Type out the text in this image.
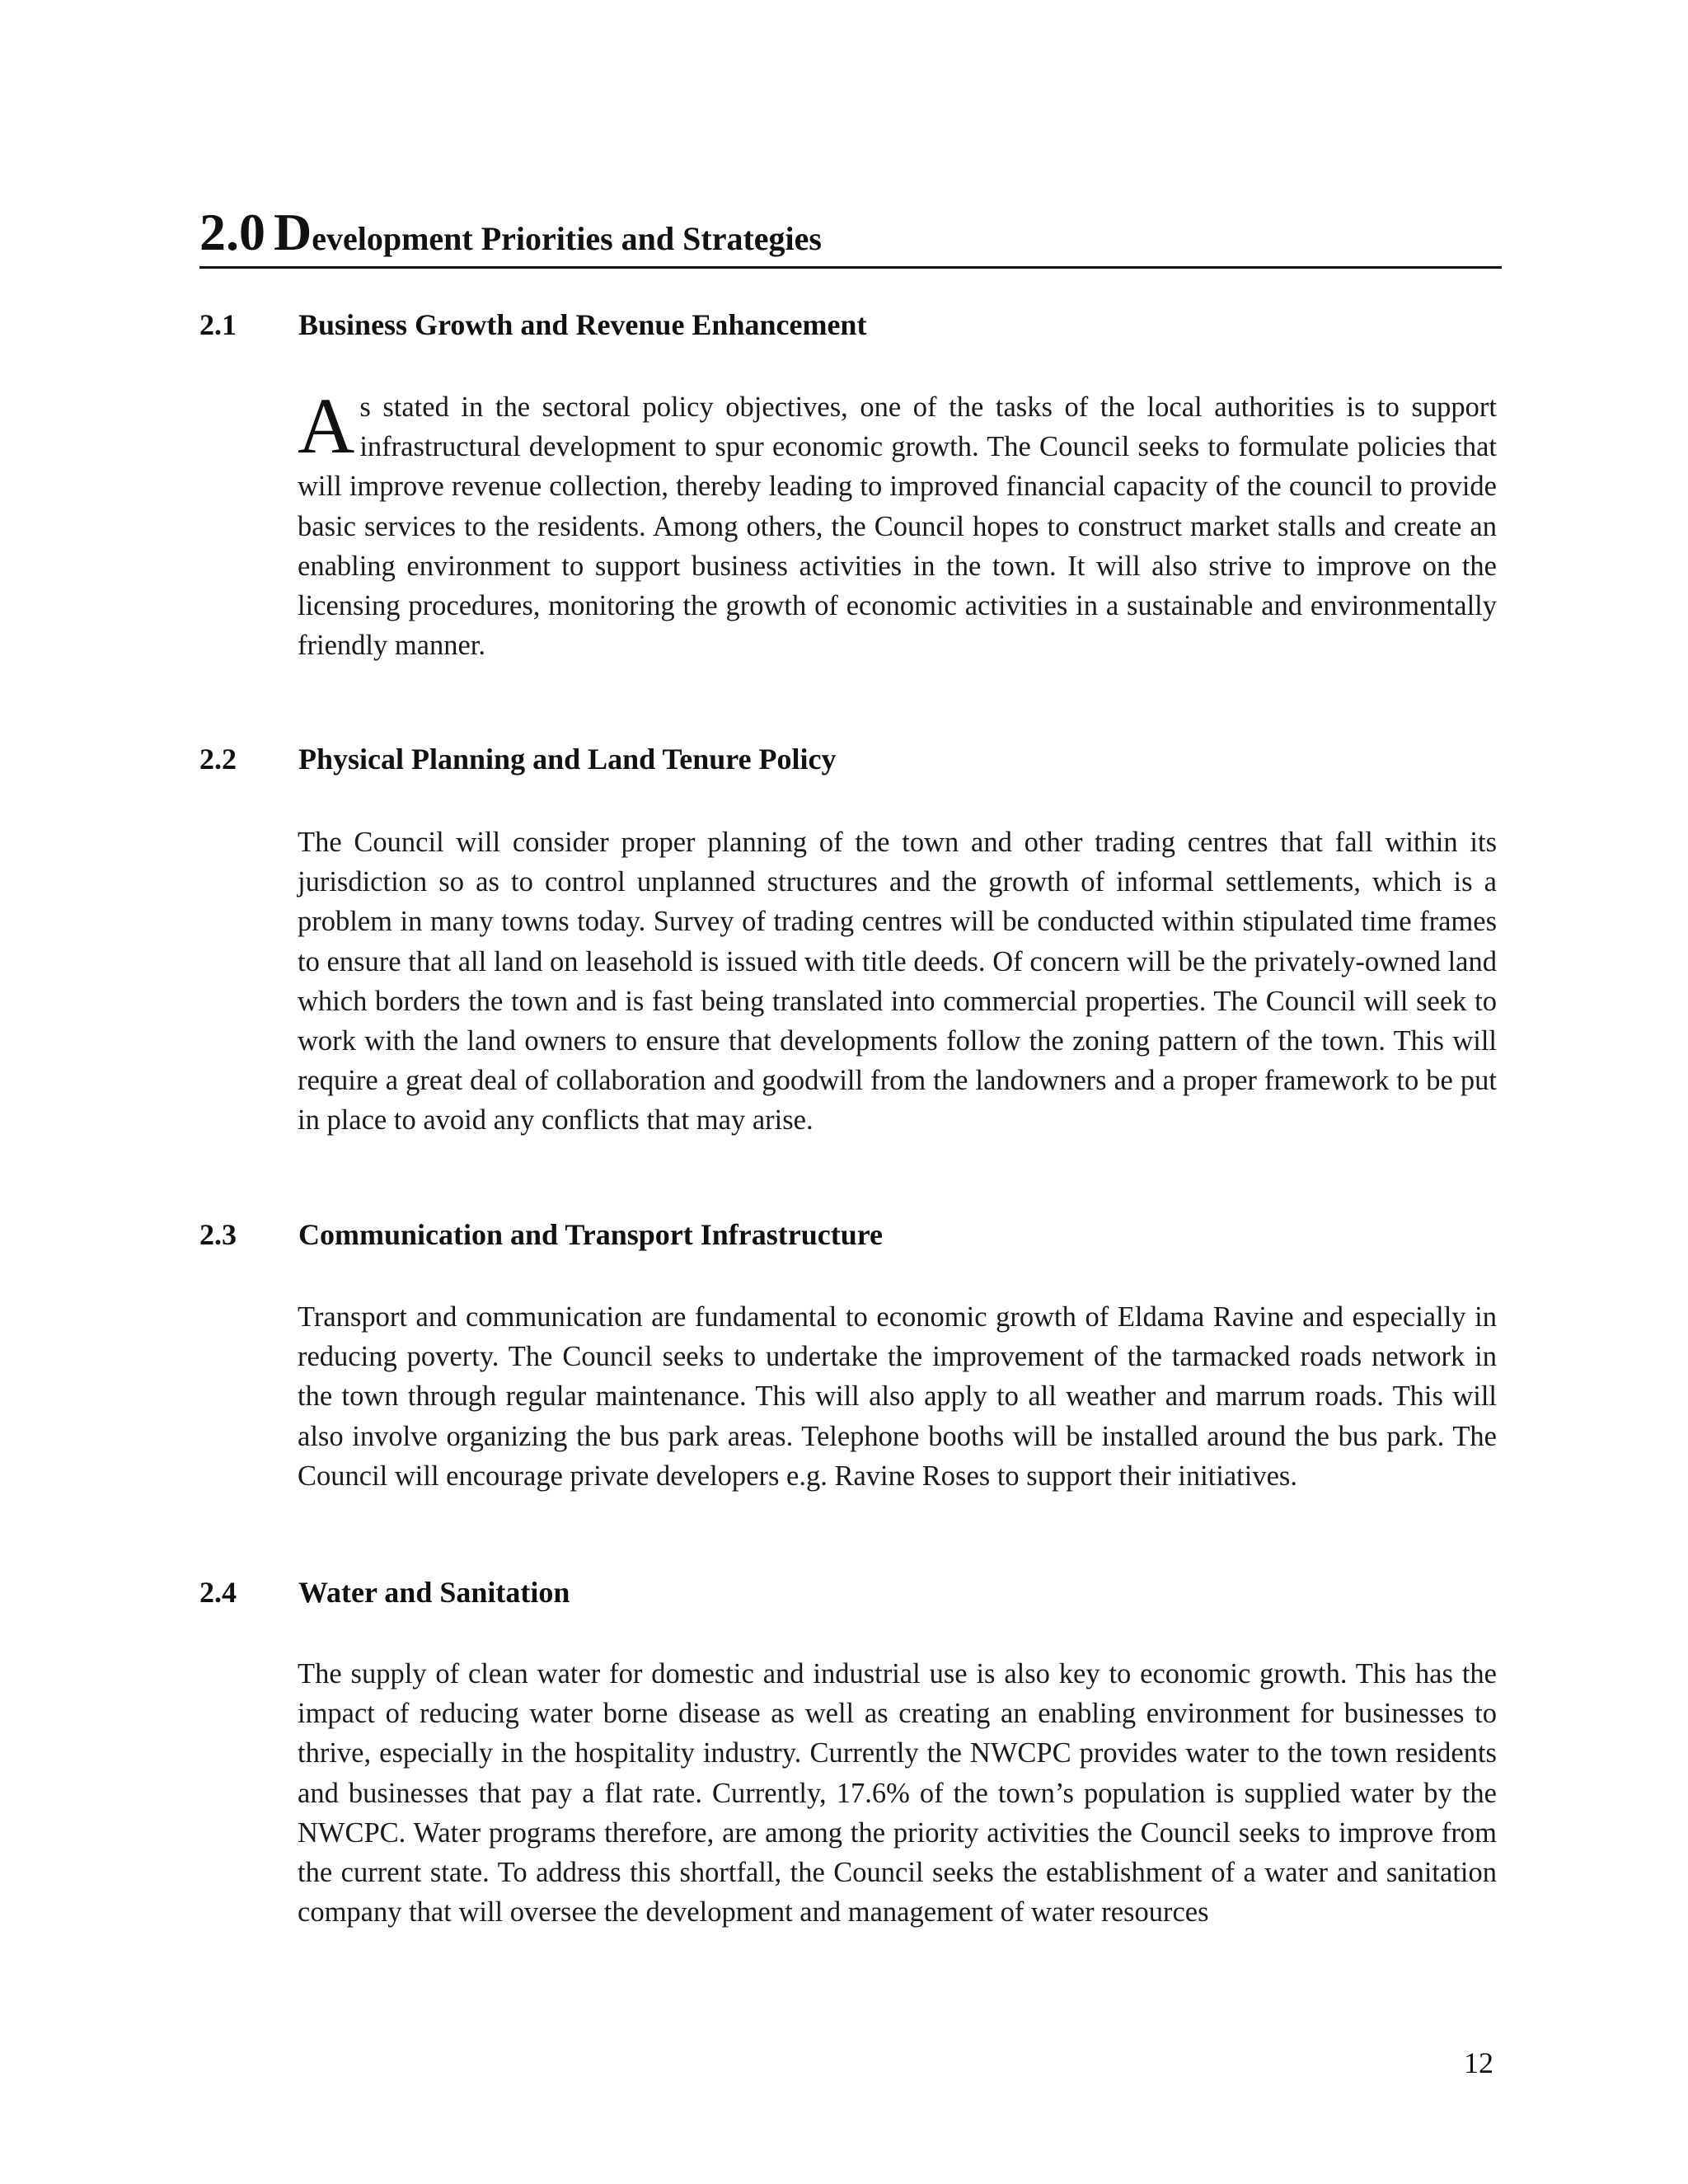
2.0 Development Priorities and Strategies
2.1 Business Growth and Revenue Enhancement

As stated in the sectoral policy objectives, one of the tasks of the local authorities is to support infrastructural development to spur economic growth. The Council seeks to formulate policies that will improve revenue collection, thereby leading to improved financial capacity of the council to provide basic services to the residents. Among others, the Council hopes to construct market stalls and create an enabling environment to support business activities in the town. It will also strive to improve on the licensing procedures, monitoring the growth of economic activities in a sustainable and environmentally friendly manner.

2.2 Physical Planning and Land Tenure Policy

The Council will consider proper planning of the town and other trading centres that fall within its jurisdiction so as to control unplanned structures and the growth of informal settlements, which is a problem in many towns today. Survey of trading centres will be conducted within stipulated time frames to ensure that all land on leasehold is issued with title deeds. Of concern will be the privately-owned land which borders the town and is fast being translated into commercial properties. The Council will seek to work with the land owners to ensure that developments follow the zoning pattern of the town. This will require a great deal of collaboration and goodwill from the landowners and a proper framework to be put in place to avoid any conflicts that may arise.

2.3 Communication and Transport Infrastructure

Transport and communication are fundamental to economic growth of Eldama Ravine and especially in reducing poverty. The Council seeks to undertake the improvement of the tarmacked roads network in the town through regular maintenance. This will also apply to all weather and marrum roads. This will also involve organizing the bus park areas. Telephone booths will be installed around the bus park. The Council will encourage private developers e.g. Ravine Roses to support their initiatives.

2.4 Water and Sanitation

The supply of clean water for domestic and industrial use is also key to economic growth. This has the impact of reducing water borne disease as well as creating an enabling environment for businesses to thrive, especially in the hospitality industry. Currently the NWCPC provides water to the town residents and businesses that pay a flat rate. Currently, 17.6% of the town’s population is supplied water by the NWCPC. Water programs therefore, are among the priority activities the Council seeks to improve from the current state. To address this shortfall, the Council seeks the establishment of a water and sanitation company that will oversee the development and management of water resources

12
